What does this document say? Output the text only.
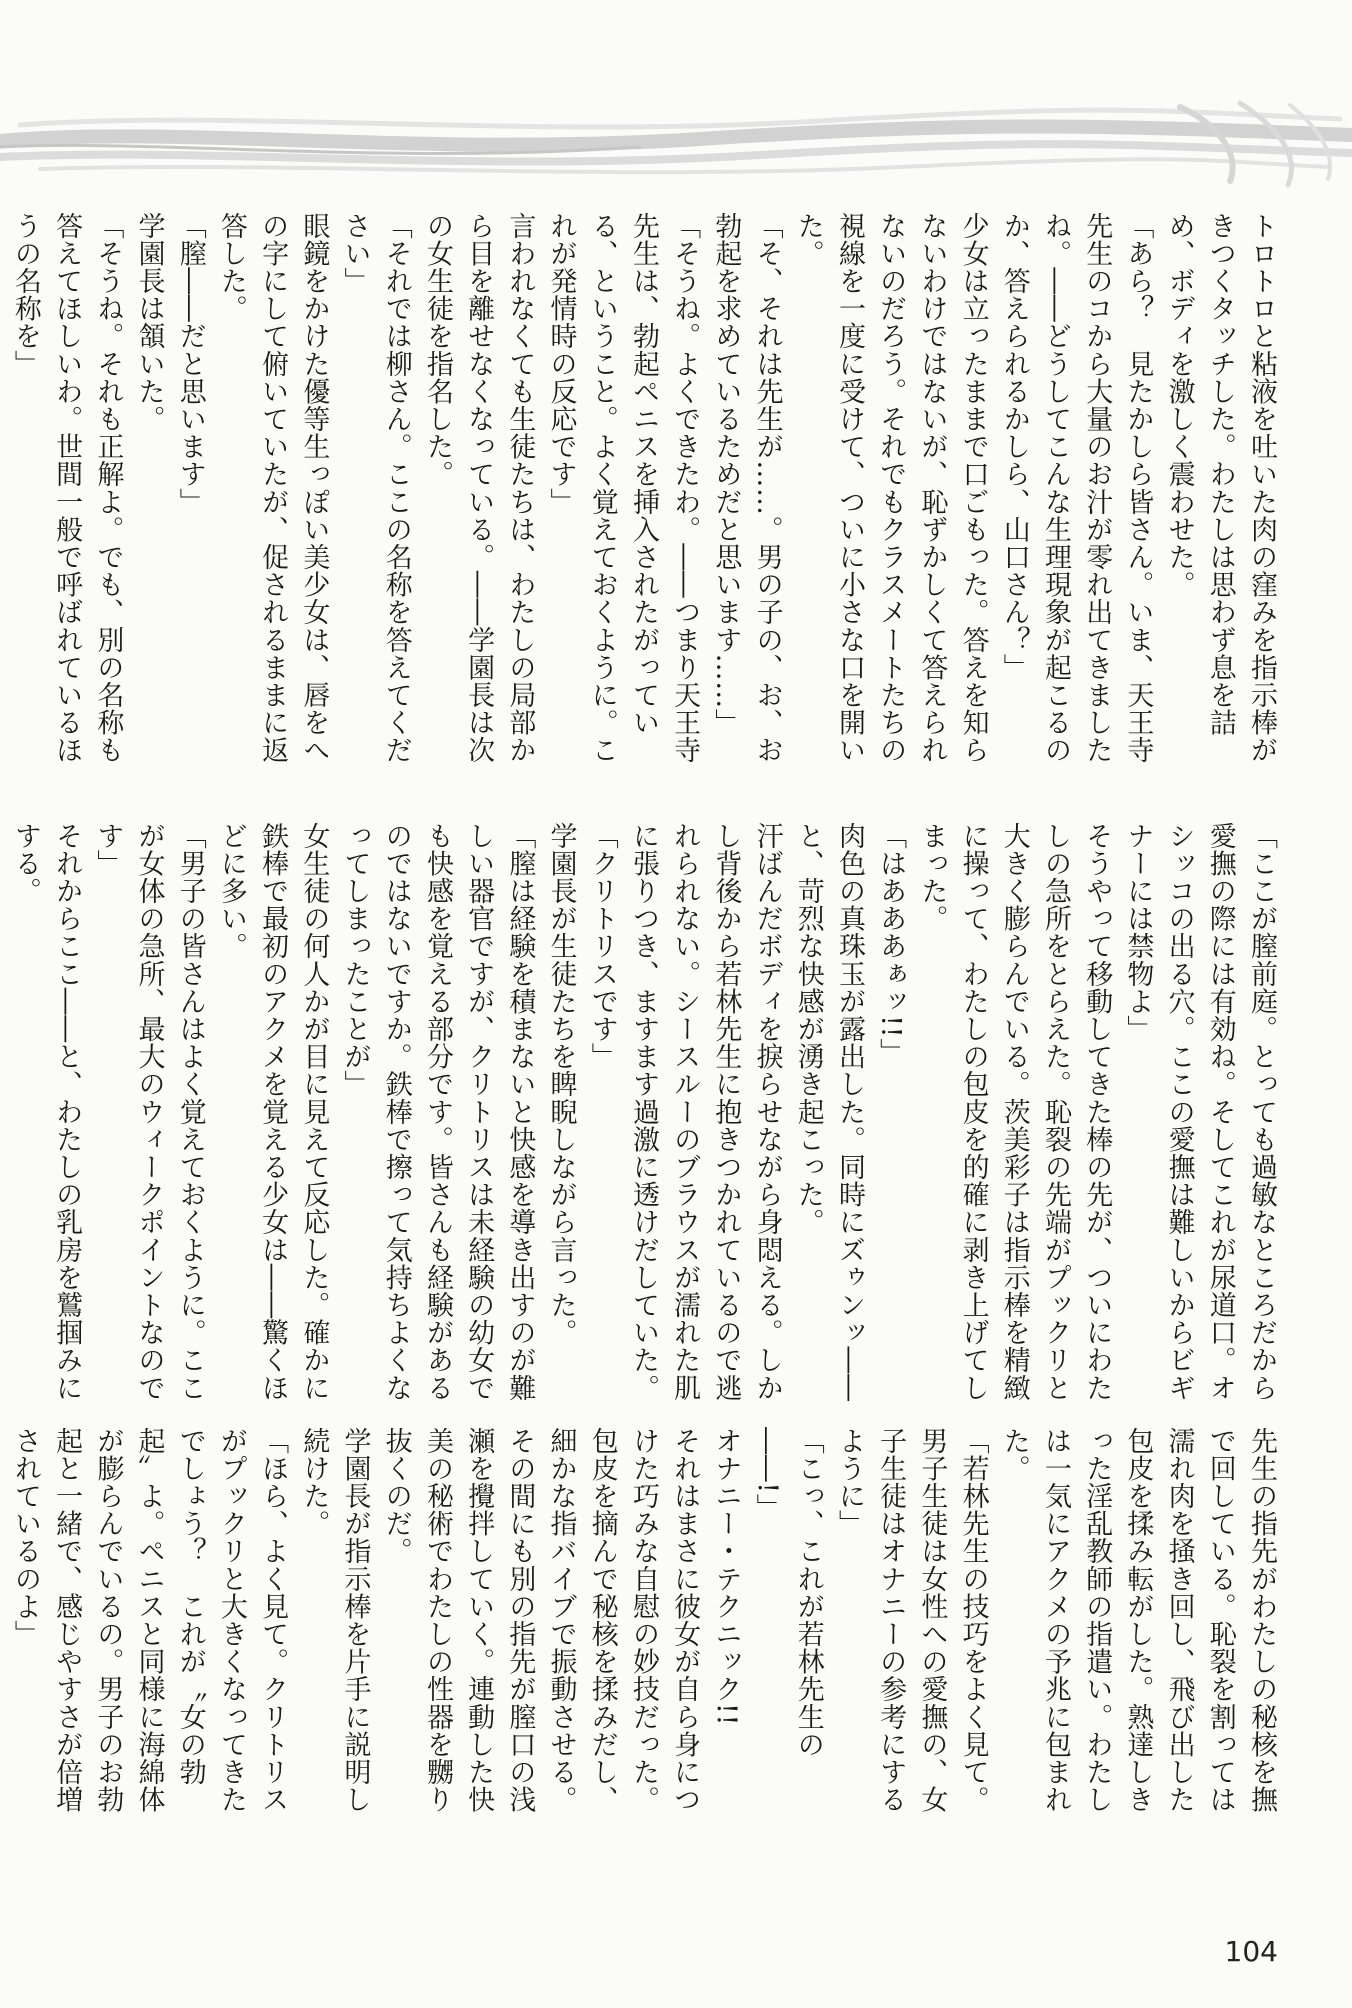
トロトロと粘液を吐いた肉の窪みを指示棒がきつくタッチした。わたしは思わず息を詰め、ボディを激しく震わせた。

「あら？　見たかしら皆さん。いま、天王寺先生のコから大量のお汁が零れ出てきましたね。――どうしてこんな生理現象が起こるのか、答えられるかしら、山口さん？」

少女は立ったままで口ごもった。答えを知らないわけではないが、恥ずかしくて答えられないのだろう。それでもクラスメートたちの視線を一度に受けて、ついに小さな口を開いた。

「そ、それは先生が……。男の子の、お、お勃起を求めているためだと思います……」

「そうね。よくできたわ。――つまり天王寺先生は、勃起ペニスを挿入されたがっている、ということ。よく覚えておくように。これが発情時の反応です」

言われなくても生徒たちは、わたしの局部から目を離せなくなっている。――学園長は次の女生徒を指名した。

「それでは柳さん。ここの名称を答えてください」

眼鏡をかけた優等生っぽい美少女は、唇をへの字にして俯いていたが、促されるままに返答した。

「膣――だと思います」

学園長は頷いた。

「そうね。それも正解よ。でも、別の名称も答えてほしいわ。世間一般で呼ばれているほうの名称を」

「ここが膣前庭。とっても過敏なところだから愛撫の際には有効ね。そしてこれが尿道口。オシッコの出る穴。ここの愛撫は難しいからビギナーには禁物よ」

そうやって移動してきた棒の先が、ついにわたしの急所をとらえた。恥裂の先端がプックリと大きく膨らんでいる。茨美彩子は指示棒を精緻に操って、わたしの包皮を的確に剥き上げてしまった。

「はあああぁッ!!」

肉色の真珠玉が露出した。同時にズゥンッ――と、苛烈な快感が湧き起こった。

汗ばんだボディを捩らせながら身悶える。しかし背後から若林先生に抱きつかれているので逃れられない。シースルーのブラウスが濡れた肌に張りつき、ますます過激に透けだしていた。

「クリトリスです」

学園長が生徒たちを睥睨しながら言った。

「膣は経験を積まないと快感を導き出すのが難しい器官ですが、クリトリスは未経験の幼女でも快感を覚える部分です。皆さんも経験があるのではないですか。鉄棒で擦って気持ちよくなってしまったことが」

女生徒の何人かが目に見えて反応した。確かに鉄棒で最初のアクメを覚える少女は――驚くほどに多い。

「男子の皆さんはよく覚えておくように。ここが女体の急所、最大のウィークポイントなのです」

それからここ――と、わたしの乳房を鷲掴みにする。

先生の指先がわたしの秘核を撫で回している。恥裂を割っては濡れ肉を掻き回し、飛び出した包皮を揉み転がした。熟達しきった淫乱教師の指遣い。わたしは一気にアクメの予兆に包まれた。

「若林先生の技巧をよく見て。男子生徒は女性への愛撫の、女子生徒はオナニーの参考にするように」

「こっ、これが若林先生の――!」

オナニー・テクニック!!

それはまさに彼女が自ら身につけた巧みな自慰の妙技だった。包皮を摘んで秘核を揉みだし、細かな指バイブで振動させる。その間にも別の指先が膣口の浅瀬を攪拌していく。連動した快美の秘術でわたしの性器を嬲り抜くのだ。

学園長が指示棒を片手に説明し続けた。

「ほら、よく見て。クリトリスがプックリと大きくなってきたでしょう？　これが〝女の勃起〟よ。ペニスと同様に海綿体が膨らんでいるの。男子のお勃起と一緒で、感じやすさが倍増されているのよ」

104
